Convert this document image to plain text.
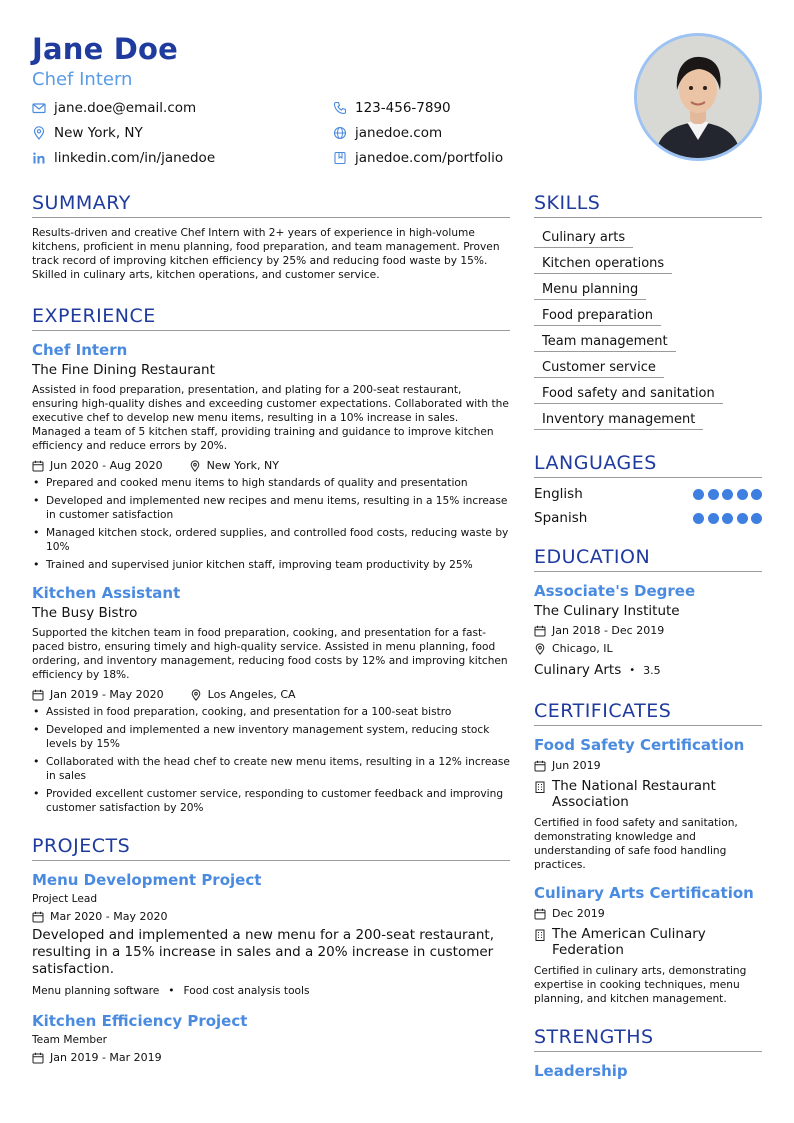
Jane Doe
Chef Intern
jane.doe@email.com	123-456-7890
New York, NY	janedoe.com
linkedin.com/in/janedoe	janedoe.com/portfolio
SUMMARY

Results-driven and creative Chef Intern with 2+ years of experience in high-volume kitchens, proficient in menu planning, food preparation, and team management. Proven track record of improving kitchen efficiency by 25% and reducing food waste by 15%. Skilled in culinary arts, kitchen operations, and customer service.

EXPERIENCE
Chef Intern
The Fine Dining Restaurant

Assisted in food preparation, presentation, and plating for a 200-seat restaurant, ensuring high-quality dishes and exceeding customer expectations. Collaborated with the executive chef to develop new menu items, resulting in a 10% increase in sales. Managed a team of 5 kitchen staff, providing training and guidance to improve kitchen efficiency and reduce errors by 20%.

Jun 2020 - Aug 2020	New York, NY
• Prepared and cooked menu items to high standards of quality and presentation
• Developed and implemented new recipes and menu items, resulting in a 15% increase in customer satisfaction
• Managed kitchen stock, ordered supplies, and controlled food costs, reducing waste by 10%
• Trained and supervised junior kitchen staff, improving team productivity by 25%
Kitchen Assistant
The Busy Bistro

Supported the kitchen team in food preparation, cooking, and presentation for a fast-paced bistro, ensuring timely and high-quality service. Assisted in menu planning, food ordering, and inventory management, reducing food costs by 12% and improving kitchen efficiency by 18%.

Jan 2019 - May 2020	Los Angeles, CA
• Assisted in food preparation, cooking, and presentation for a 100-seat bistro
• Developed and implemented a new inventory management system, reducing stock levels by 15%
• Collaborated with the head chef to create new menu items, resulting in a 12% increase in sales
• Provided excellent customer service, responding to customer feedback and improving customer satisfaction by 20%
PROJECTS
Menu Development Project
Project Lead
Mar 2020 - May 2020

Developed and implemented a new menu for a 200-seat restaurant, resulting in a 15% increase in sales and a 20% increase in customer satisfaction.

Menu planning software • Food cost analysis tools
Kitchen Efficiency Project
Team Member
Jan 2019 - Mar 2019
SKILLS
Culinary arts
Kitchen operations
Menu planning
Food preparation
Team management
Customer service
Food safety and sanitation
Inventory management
LANGUAGES
English
Spanish
EDUCATION
Associate's Degree
The Culinary Institute
Jan 2018 - Dec 2019
Chicago, IL
Culinary Arts • 3.5
CERTIFICATES
Food Safety Certification
Jun 2019
The National Restaurant Association

Certified in food safety and sanitation, demonstrating knowledge and understanding of safe food handling practices.

Culinary Arts Certification
Dec 2019
The American Culinary Federation

Certified in culinary arts, demonstrating expertise in cooking techniques, menu planning, and kitchen management.

STRENGTHS
Leadership
